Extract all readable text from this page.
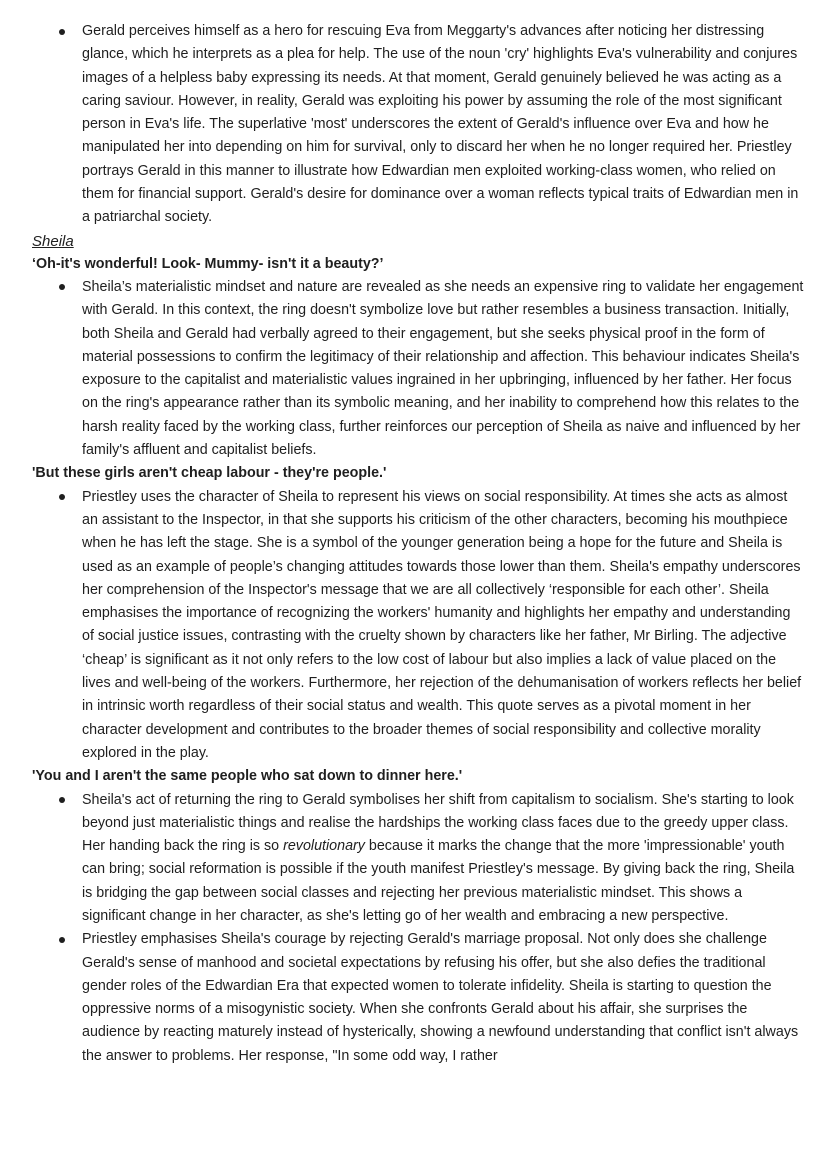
Gerald perceives himself as a hero for rescuing Eva from Meggarty's advances after noticing her distressing glance, which he interprets as a plea for help. The use of the noun 'cry' highlights Eva's vulnerability and conjures images of a helpless baby expressing its needs. At that moment, Gerald genuinely believed he was acting as a caring saviour. However, in reality, Gerald was exploiting his power by assuming the role of the most significant person in Eva's life. The superlative 'most' underscores the extent of Gerald's influence over Eva and how he manipulated her into depending on him for survival, only to discard her when he no longer required her. Priestley portrays Gerald in this manner to illustrate how Edwardian men exploited working-class women, who relied on them for financial support. Gerald's desire for dominance over a woman reflects typical traits of Edwardian men in a patriarchal society.

Sheila

‘Oh-it's wonderful! Look- Mummy- isn't it a beauty?’

Sheila’s materialistic mindset and nature are revealed as she needs an expensive ring to validate her engagement with Gerald. In this context, the ring doesn't symbolize love but rather resembles a business transaction. Initially, both Sheila and Gerald had verbally agreed to their engagement, but she seeks physical proof in the form of material possessions to confirm the legitimacy of their relationship and affection. This behaviour indicates Sheila's exposure to the capitalist and materialistic values ingrained in her upbringing, influenced by her father. Her focus on the ring's appearance rather than its symbolic meaning, and her inability to comprehend how this relates to the harsh reality faced by the working class, further reinforces our perception of Sheila as naive and influenced by her family's affluent and capitalist beliefs.

'But these girls aren't cheap labour - they're people.'

Priestley uses the character of Sheila to represent his views on social responsibility. At times she acts as almost an assistant to the Inspector, in that she supports his criticism of the other characters, becoming his mouthpiece when he has left the stage. She is a symbol of the younger generation being a hope for the future and Sheila is used as an example of people’s changing attitudes towards those lower than them. Sheila's empathy underscores her comprehension of the Inspector's message that we are all collectively ‘responsible for each other’. Sheila emphasises the importance of recognizing the workers' humanity and highlights her empathy and understanding of social justice issues, contrasting with the cruelty shown by characters like her father, Mr Birling. The adjective ‘cheap’ is significant as it not only refers to the low cost of labour but also implies a lack of value placed on the lives and well-being of the workers. Furthermore, her rejection of the dehumanisation of workers reflects her belief in intrinsic worth regardless of their social status and wealth. This quote serves as a pivotal moment in her character development and contributes to the broader themes of social responsibility and collective morality explored in the play.

'You and I aren't the same people who sat down to dinner here.'

Sheila's act of returning the ring to Gerald symbolises her shift from capitalism to socialism. She's starting to look beyond just materialistic things and realise the hardships the working class faces due to the greedy upper class. Her handing back the ring is so revolutionary because it marks the change that the more 'impressionable' youth can bring; social reformation is possible if the youth manifest Priestley's message. By giving back the ring, Sheila is bridging the gap between social classes and rejecting her previous materialistic mindset. This shows a significant change in her character, as she's letting go of her wealth and embracing a new perspective.
Priestley emphasises Sheila's courage by rejecting Gerald's marriage proposal. Not only does she challenge Gerald's sense of manhood and societal expectations by refusing his offer, but she also defies the traditional gender roles of the Edwardian Era that expected women to tolerate infidelity. Sheila is starting to question the oppressive norms of a misogynistic society. When she confronts Gerald about his affair, she surprises the audience by reacting maturely instead of hysterically, showing a newfound understanding that conflict isn't always the answer to problems. Her response, "In some odd way, I rather
